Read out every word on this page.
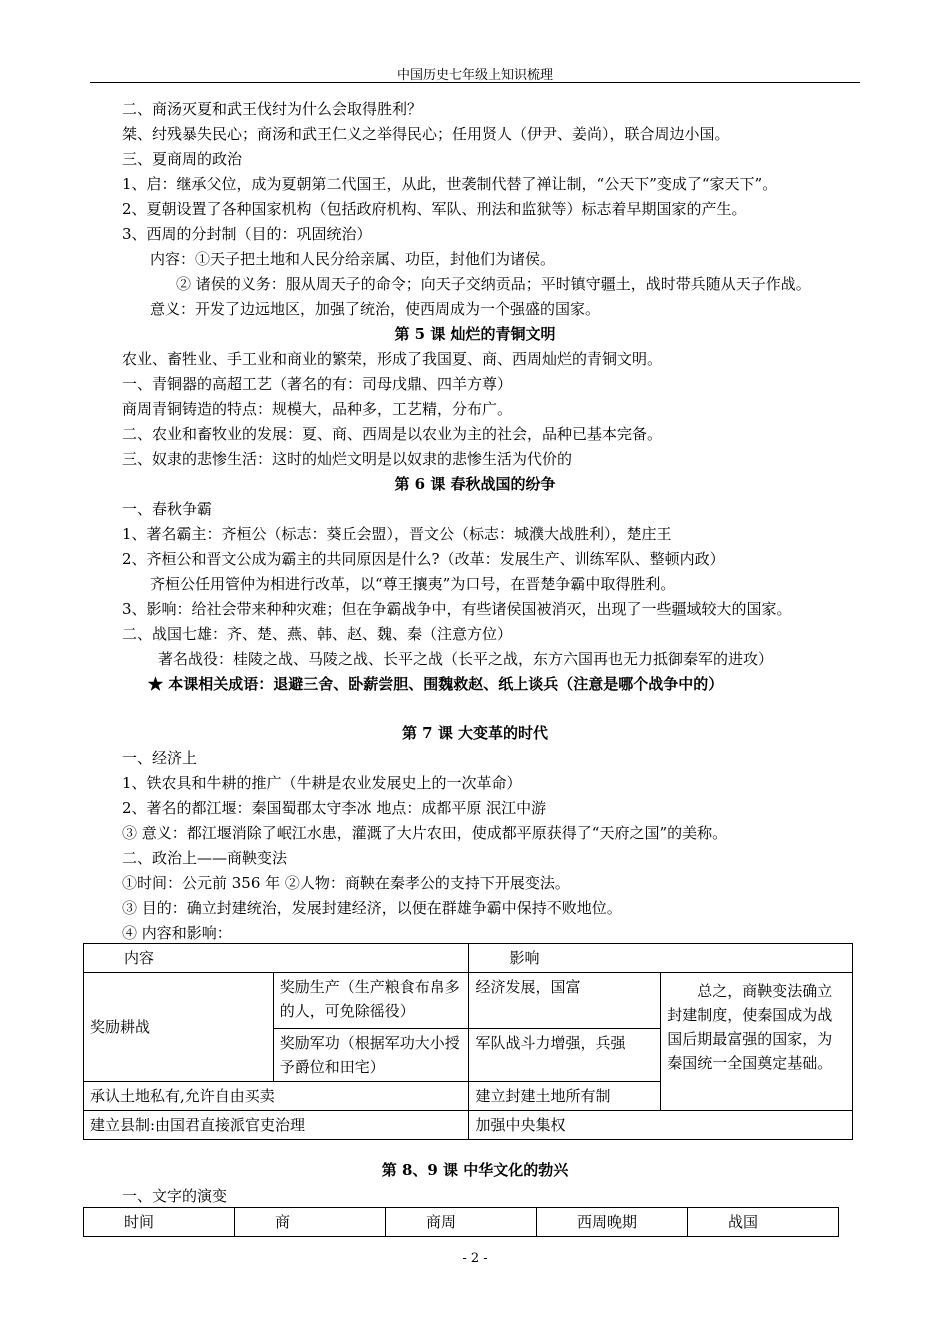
中国历史七年级上知识梳理
二、商汤灭夏和武王伐纣为什么会取得胜利？
桀、纣残暴失民心；商汤和武王仁义之举得民心；任用贤人（伊尹、姜尚），联合周边小国。
三、夏商周的政治
1、启：继承父位，成为夏朝第二代国王，从此，世袭制代替了禅让制，“公天下”变成了“家天下”。
2、夏朝设置了各种国家机构（包括政府机构、军队、刑法和监狱等）标志着早期国家的产生。
3、西周的分封制（目的：巩固统治）
内容：①天子把土地和人民分给亲属、功臣，封他们为诸侯。
② 诸侯的义务：服从周天子的命令；向天子交纳贡品；平时镇守疆土，战时带兵随从天子作战。
意义：开发了边远地区，加强了统治，使西周成为一个强盛的国家。
第 5 课 灿烂的青铜文明
农业、畜牲业、手工业和商业的繁荣，形成了我国夏、商、西周灿烂的青铜文明。
一、青铜器的高超工艺（著名的有：司母戊鼎、四羊方尊）
商周青铜铸造的特点：规模大，品种多，工艺精，分布广。
二、农业和畜牧业的发展：夏、商、西周是以农业为主的社会，品种已基本完备。
三、奴隶的悲惨生活：这时的灿烂文明是以奴隶的悲惨生活为代价的
第 6 课 春秋战国的纷争
一、春秋争霸
1、著名霸主：齐桓公（标志：葵丘会盟），晋文公（标志：城濮大战胜利），楚庄王
2、齐桓公和晋文公成为霸主的共同原因是什么?（改革：发展生产、训练军队、整顿内政）
齐桓公任用管仲为相进行改革，以“尊王攘夷”为口号，在晋楚争霸中取得胜利。
3、影响：给社会带来种种灾难；但在争霸战争中，有些诸侯国被消灭，出现了一些疆域较大的国家。
二、战国七雄：齐、楚、燕、韩、赵、魏、秦（注意方位）
著名战役：桂陵之战、马陵之战、长平之战（长平之战，东方六国再也无力抵御秦军的进攻）
★ 本课相关成语：退避三舍、卧薪尝胆、围魏救赵、纸上谈兵（注意是哪个战争中的）
第 7 课 大变革的时代
一、经济上
1、铁农具和牛耕的推广（牛耕是农业发展史上的一次革命）
2、著名的都江堰：秦国蜀郡太守李冰 地点：成都平原 泯江中游
③ 意义：都江堰消除了岷江水患，灌溉了大片农田，使成都平原获得了“天府之国”的美称。
二、政治上——商鞅变法
①时间：公元前 356 年 ②人物：商鞅在秦孝公的支持下开展变法。
③ 目的：确立封建统治，发展封建经济，以便在群雄争霸中保持不败地位。
④ 内容和影响：
内容		影响	
奖励耕战	奖励生产（生产粮食布帛多的人，可免除徭役）	经济发展，国富	总之，商鞅变法确立封建制度，使秦国成为战国后期最富强的国家，为秦国统一全国奠定基础。
	奖励军功（根据军功大小授予爵位和田宅）	军队战斗力增强，兵强	
承认土地私有,允许自由买卖		建立封建土地所有制	
建立县制:由国君直接派官吏治理		加强中央集权	
第 8、9 课 中华文化的勃兴
一、文字的演变
时间	商	商周	西周晚期	战国
- 2 -
